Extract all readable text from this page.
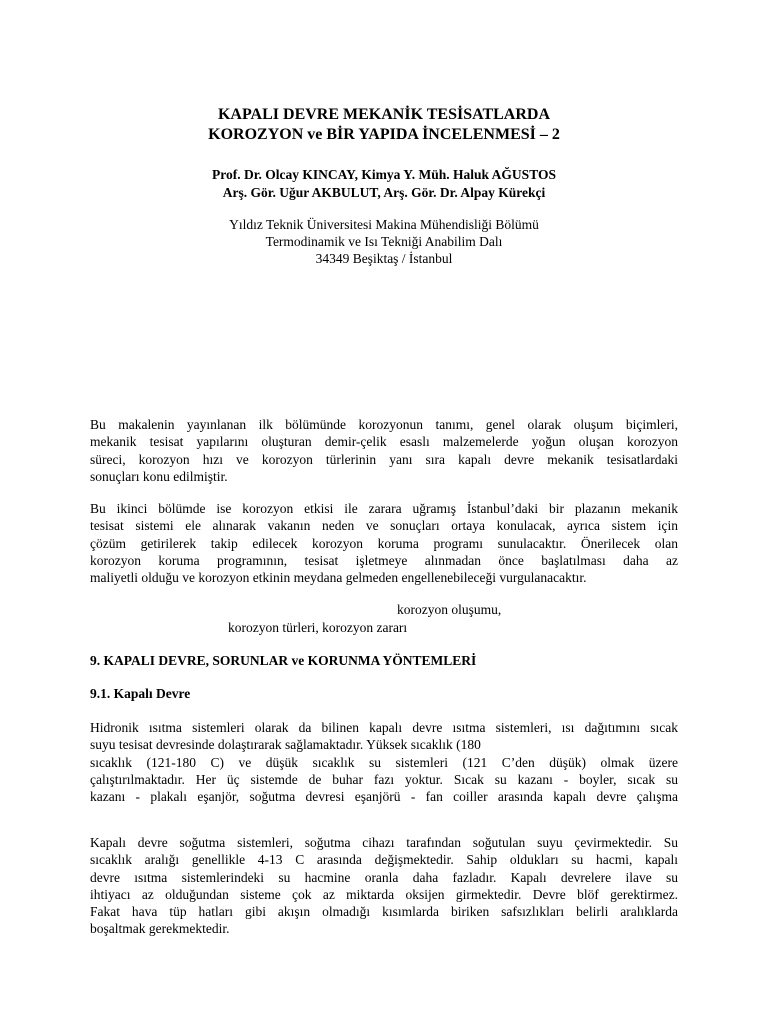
KAPALI DEVRE MEKANİK TESİSATLARDA
KOROZYON ve BİR YAPIDA İNCELENMESİ – 2
Prof. Dr. Olcay KINCAY, Kimya Y. Müh. Haluk AĞUSTOS
Arş. Gör. Uğur AKBULUT, Arş. Gör. Dr. Alpay Kürekçi
Yıldız Teknik Üniversitesi Makina Mühendisliği Bölümü
Termodinamik ve Isı Tekniği Anabilim Dalı
34349 Beşiktaş / İstanbul
Bu makalenin yayınlanan ilk bölümünde korozyonun tanımı, genel olarak oluşum biçimleri,
mekanik tesisat yapılarını oluşturan demir-çelik esaslı malzemelerde yoğun oluşan korozyon
süreci, korozyon hızı ve korozyon türlerinin yanı sıra kapalı devre mekanik tesisatlardaki
sonuçları konu edilmiştir.
Bu ikinci bölümde ise korozyon etkisi ile zarara uğramış İstanbul’daki bir plazanın mekanik
tesisat sistemi ele alınarak vakanın neden ve sonuçları ortaya konulacak, ayrıca sistem için
çözüm getirilerek takip edilecek korozyon koruma programı sunulacaktır. Önerilecek olan
korozyon koruma programının, tesisat işletmeye alınmadan önce başlatılması daha az
maliyetli olduğu ve korozyon etkinin meydana gelmeden engellenebileceği vurgulanacaktır.
korozyon oluşumu,
korozyon türleri, korozyon zararı
9. KAPALI DEVRE, SORUNLAR ve KORUNMA YÖNTEMLERİ
9.1. Kapalı Devre
Hidronik ısıtma sistemleri olarak da bilinen kapalı devre ısıtma sistemleri, ısı dağıtımını sıcak
suyu tesisat devresinde dolaştırarak sağlamaktadır. Yüksek sıcaklık (180
sıcaklık (121-180 C) ve düşük sıcaklık su sistemleri (121 C’den düşük) olmak üzere
çalıştırılmaktadır. Her üç sistemde de buhar fazı yoktur. Sıcak su kazanı - boyler, sıcak su
kazanı - plakalı eşanjör, soğutma devresi eşanjörü - fan coiller arasında kapalı devre çalışma
Kapalı devre soğutma sistemleri, soğutma cihazı tarafından soğutulan suyu çevirmektedir. Su
sıcaklık aralığı genellikle 4-13 C arasında değişmektedir. Sahip oldukları su hacmi, kapalı
devre ısıtma sistemlerindeki su hacmine oranla daha fazladır. Kapalı devrelere ilave su
ihtiyacı az olduğundan sisteme çok az miktarda oksijen girmektedir. Devre blöf gerektirmez.
Fakat hava tüp hatları gibi akışın olmadığı kısımlarda biriken safsızlıkları belirli aralıklarda
boşaltmak gerekmektedir.
